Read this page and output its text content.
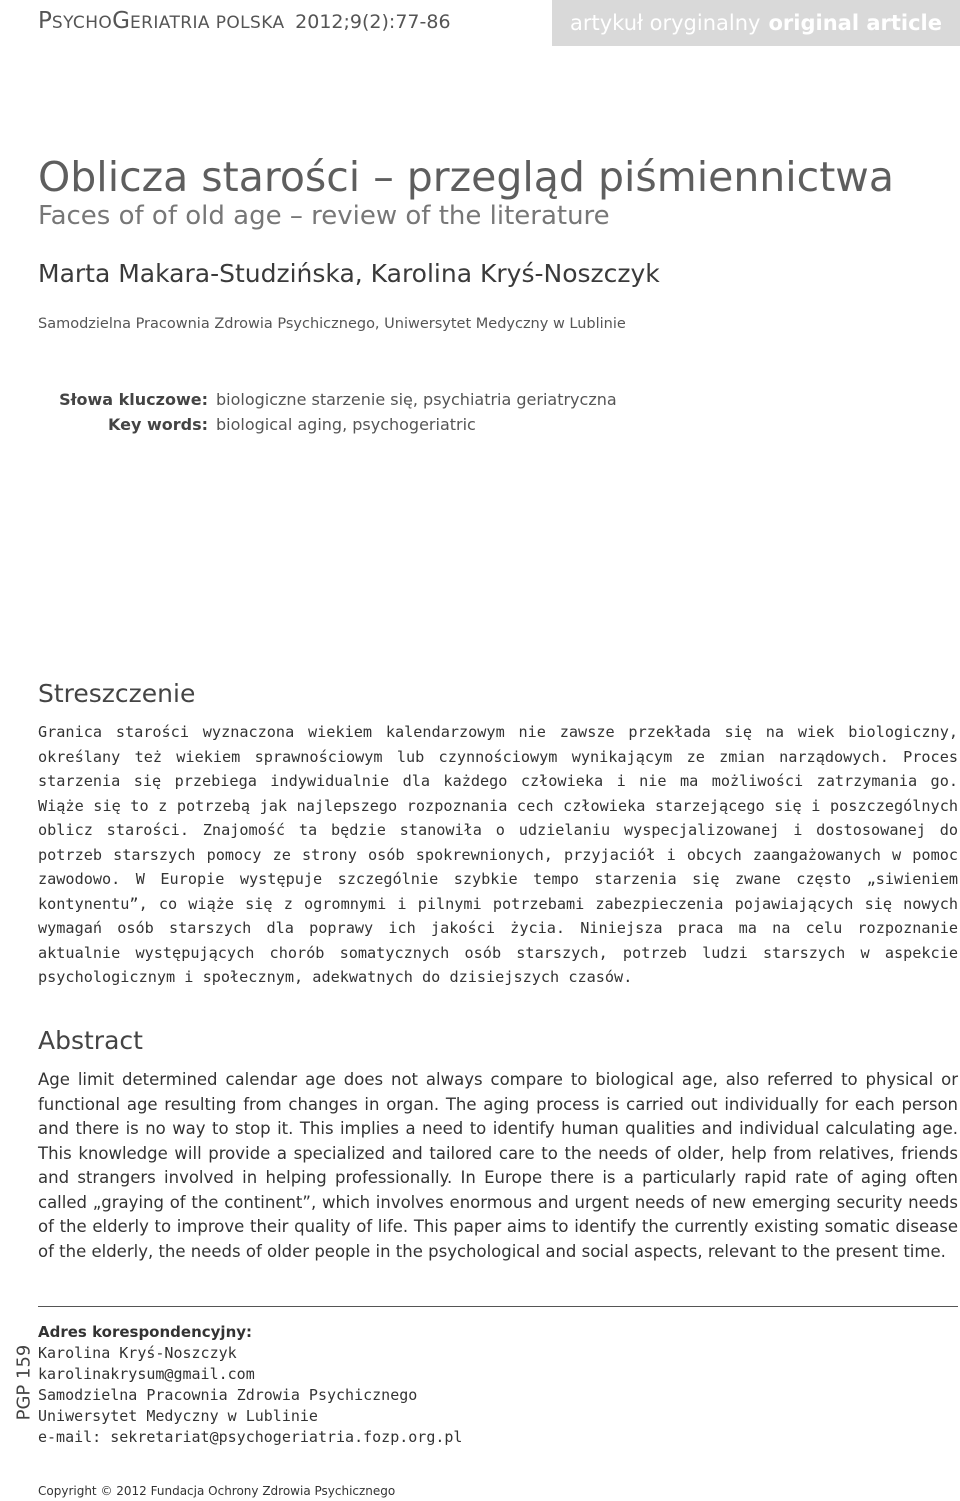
PSYCHOGERIATRIA POLSKA 2012;9(2):77-86	artykuł oryginalny original article
Oblicza starości – przegląd piśmiennictwa
Faces of of old age – review of the literature
Marta Makara-Studzińska, Karolina Kryś-Noszczyk
Samodzielna Pracownia Zdrowia Psychicznego, Uniwersytet Medyczny w Lublinie
Słowa kluczowe: biologiczne starzenie się, psychiatria geriatryczna
Key words: biological aging, psychogeriatric
Streszczenie
Granica starości wyznaczona wiekiem kalendarzowym nie zawsze przekłada się na wiek biologiczny, określany też wiekiem sprawnościowym lub czynnościowym wynikającym ze zmian narządowych. Proces starzenia się przebiega indywidualnie dla każdego człowieka i nie ma możliwości zatrzymania go. Wiąże się to z potrzebą jak najlepszego rozpoznania cech człowieka starzejącego się i poszczególnych oblicz starości. Znajomość ta będzie stanowiła o udzielaniu wyspecjalizowanej i dostosowanej do potrzeb starszych pomocy ze strony osób spokrewnionych, przyjaciół i obcych zaangażowanych w pomoc zawodowo. W Europie występuje szczególnie szybkie tempo starzenia się zwane często „siwieniem kontynentu”, co wiąże się z ogromnymi i pilnymi potrzebami zabezpieczenia pojawiających się nowych wymagań osób starszych dla poprawy ich jakości życia. Niniejsza praca ma na celu rozpoznanie aktualnie występujących chorób somatycznych osób starszych, potrzeb ludzi starszych w aspekcie psychologicznym i społecznym, adekwatnych do dzisiejszych czasów.
Abstract
Age limit determined calendar age does not always compare to biological age, also referred to physical or functional age resulting from changes in organ. The aging process is carried out individually for each person and there is no way to stop it. This implies a need to identify human qualities and individual calculating age. This knowledge will provide a specialized and tailored care to the needs of older, help from relatives, friends and strangers involved in helping professionally. In Europe there is a particularly rapid rate of aging often called „graying of the continent”, which involves enormous and urgent needs of new emerging security needs of the elderly to improve their quality of life. This paper aims to identify the currently existing somatic disease of the elderly, the needs of older people in the psychological and social aspects, relevant to the present time.
PGP 159
Adres korespondencyjny:
Karolina Kryś-Noszczyk
karolinakrysum@gmail.com
Samodzielna Pracownia Zdrowia Psychicznego
Uniwersytet Medyczny w Lublinie
e-mail: sekretariat@psychogeriatria.fozp.org.pl
Copyright © 2012 Fundacja Ochrony Zdrowia Psychicznego
